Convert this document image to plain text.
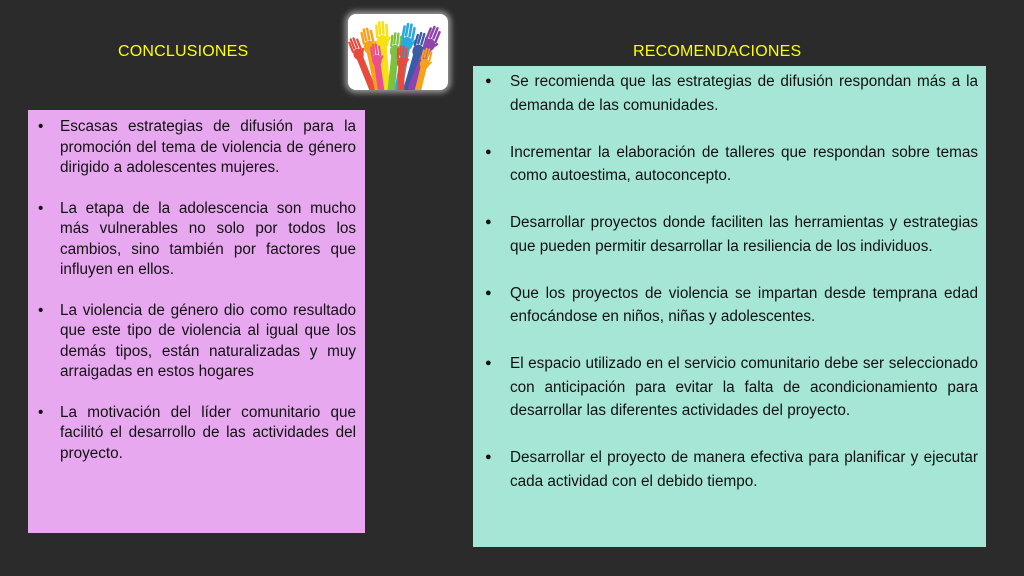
CONCLUSIONES	RECOMENDACIONES
• Escasas estrategias de difusión para la promoción del tema de violencia de género dirigido a adolescentes mujeres.
• La etapa de la adolescencia son mucho más vulnerables no solo por todos los cambios, sino también por factores que influyen en ellos.
• La violencia de género dio como resultado que este tipo de violencia al igual que los demás tipos, están naturalizadas y muy arraigadas en estos hogares
• La motivación del líder comunitario que facilitó el desarrollo de las actividades del proyecto.
● Se recomienda que las estrategias de difusión respondan más a la demanda de las comunidades.
● Incrementar la elaboración de talleres que respondan sobre temas como autoestima, autoconcepto.
● Desarrollar proyectos donde faciliten las herramientas y estrategias que pueden permitir desarrollar la resiliencia de los individuos.
● Que los proyectos de violencia se impartan desde temprana edad enfocándose en niños, niñas y adolescentes.
● El espacio utilizado en el servicio comunitario debe ser seleccionado con anticipación para evitar la falta de acondicionamiento para desarrollar las diferentes actividades del proyecto.
● Desarrollar el proyecto de manera efectiva para planificar y ejecutar cada actividad con el debido tiempo.
